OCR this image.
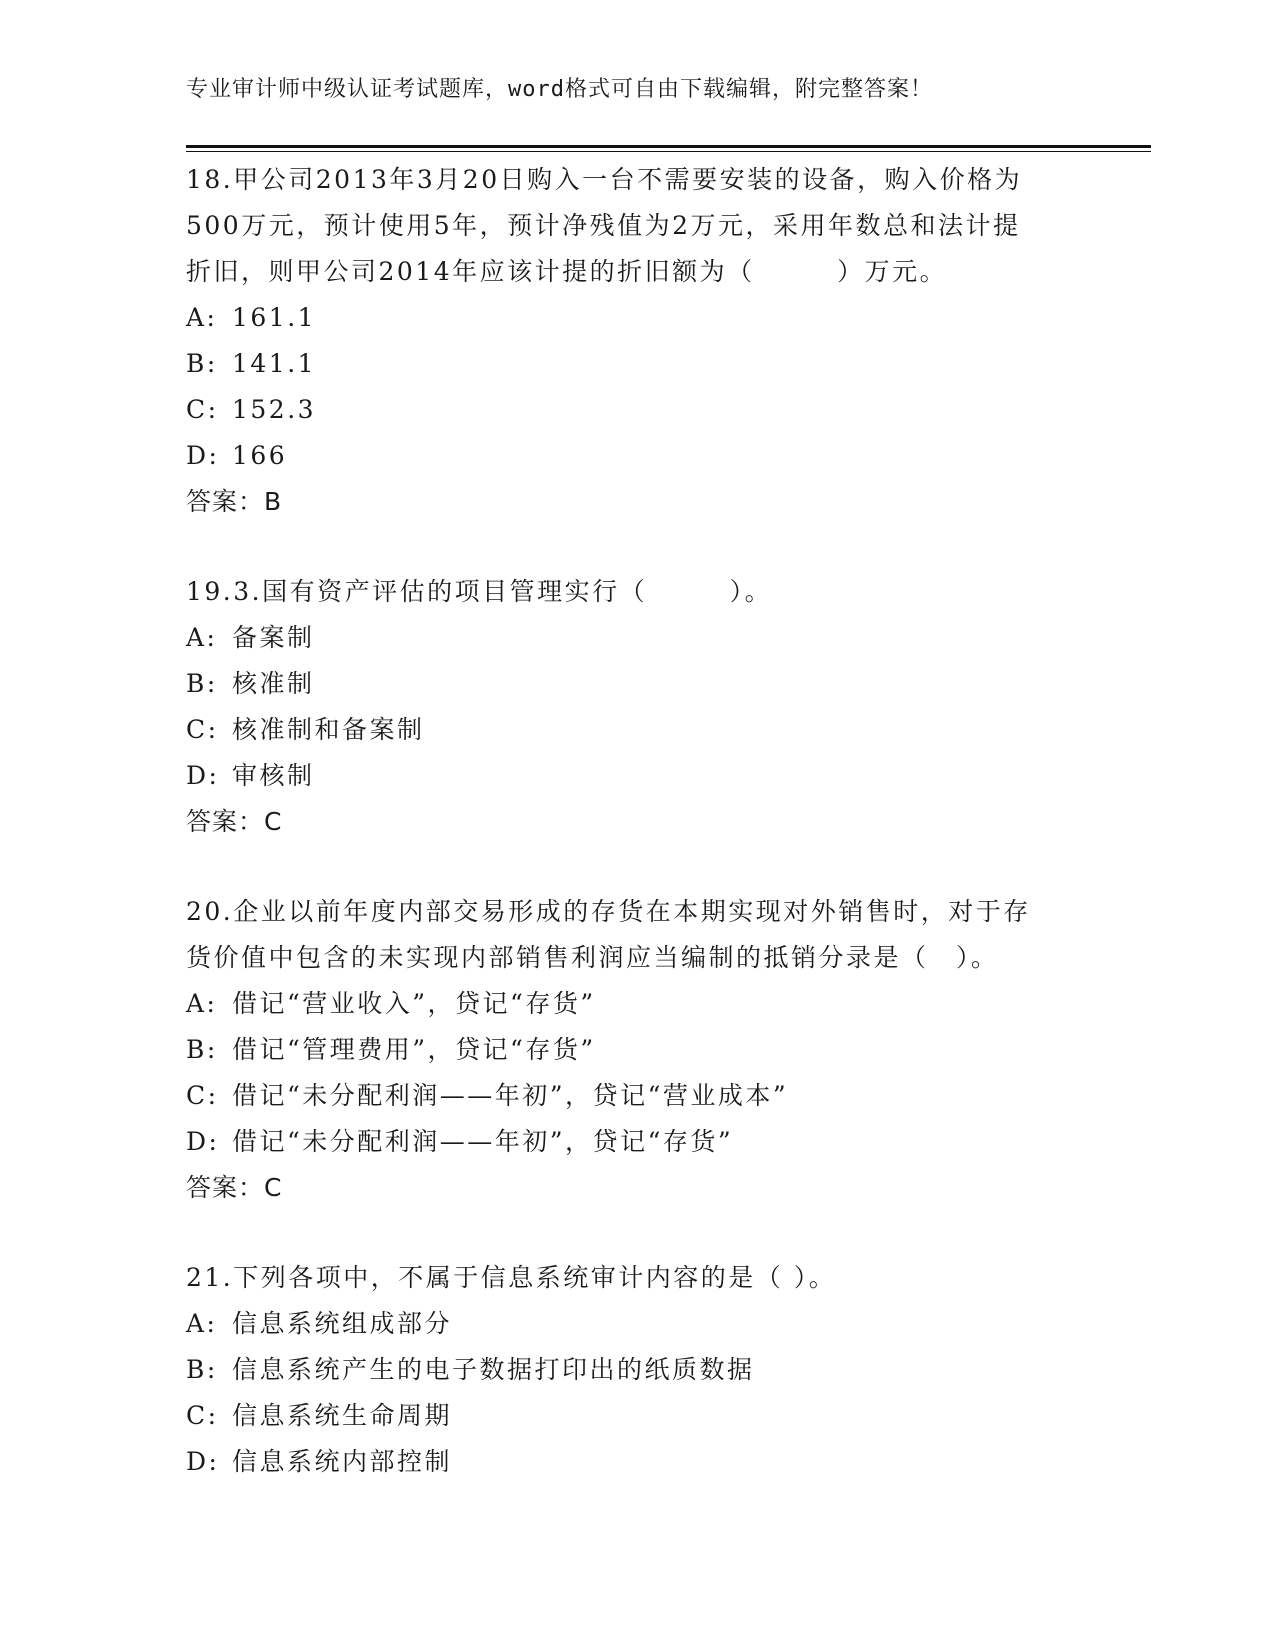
专业审计师中级认证考试题库，word格式可自由下载编辑，附完整答案！
18.甲公司2013年3月20日购入一台不需要安装的设备，购入价格为
500万元，预计使用5年，预计净残值为2万元，采用年数总和法计提
折旧，则甲公司2014年应该计提的折旧额为（　　　）万元。
A: 161.1
B: 141.1
C: 152.3
D: 166
答案：B
19.3.国有资产评估的项目管理实行（　　　）。
A: 备案制
B: 核准制
C: 核准制和备案制
D: 审核制
答案：C
20.企业以前年度内部交易形成的存货在本期实现对外销售时，对于存
货价值中包含的未实现内部销售利润应当编制的抵销分录是（　）。
A: 借记“营业收入”，贷记“存货”
B: 借记“管理费用”，贷记“存货”
C: 借记“未分配利润——年初”，贷记“营业成本”
D: 借记“未分配利润——年初”，贷记“存货”
答案：C
21.下列各项中，不属于信息系统审计内容的是（ ）。
A: 信息系统组成部分
B: 信息系统产生的电子数据打印出的纸质数据
C: 信息系统生命周期
D: 信息系统内部控制
